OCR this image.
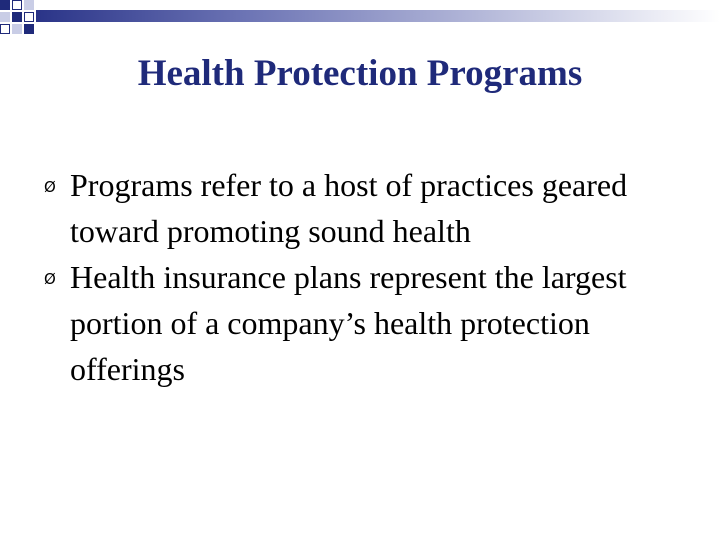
Health Protection Programs
Ø Programs refer to a host of practices geared toward promoting sound health
Ø Health insurance plans represent the largest portion of a company’s health protection offerings
